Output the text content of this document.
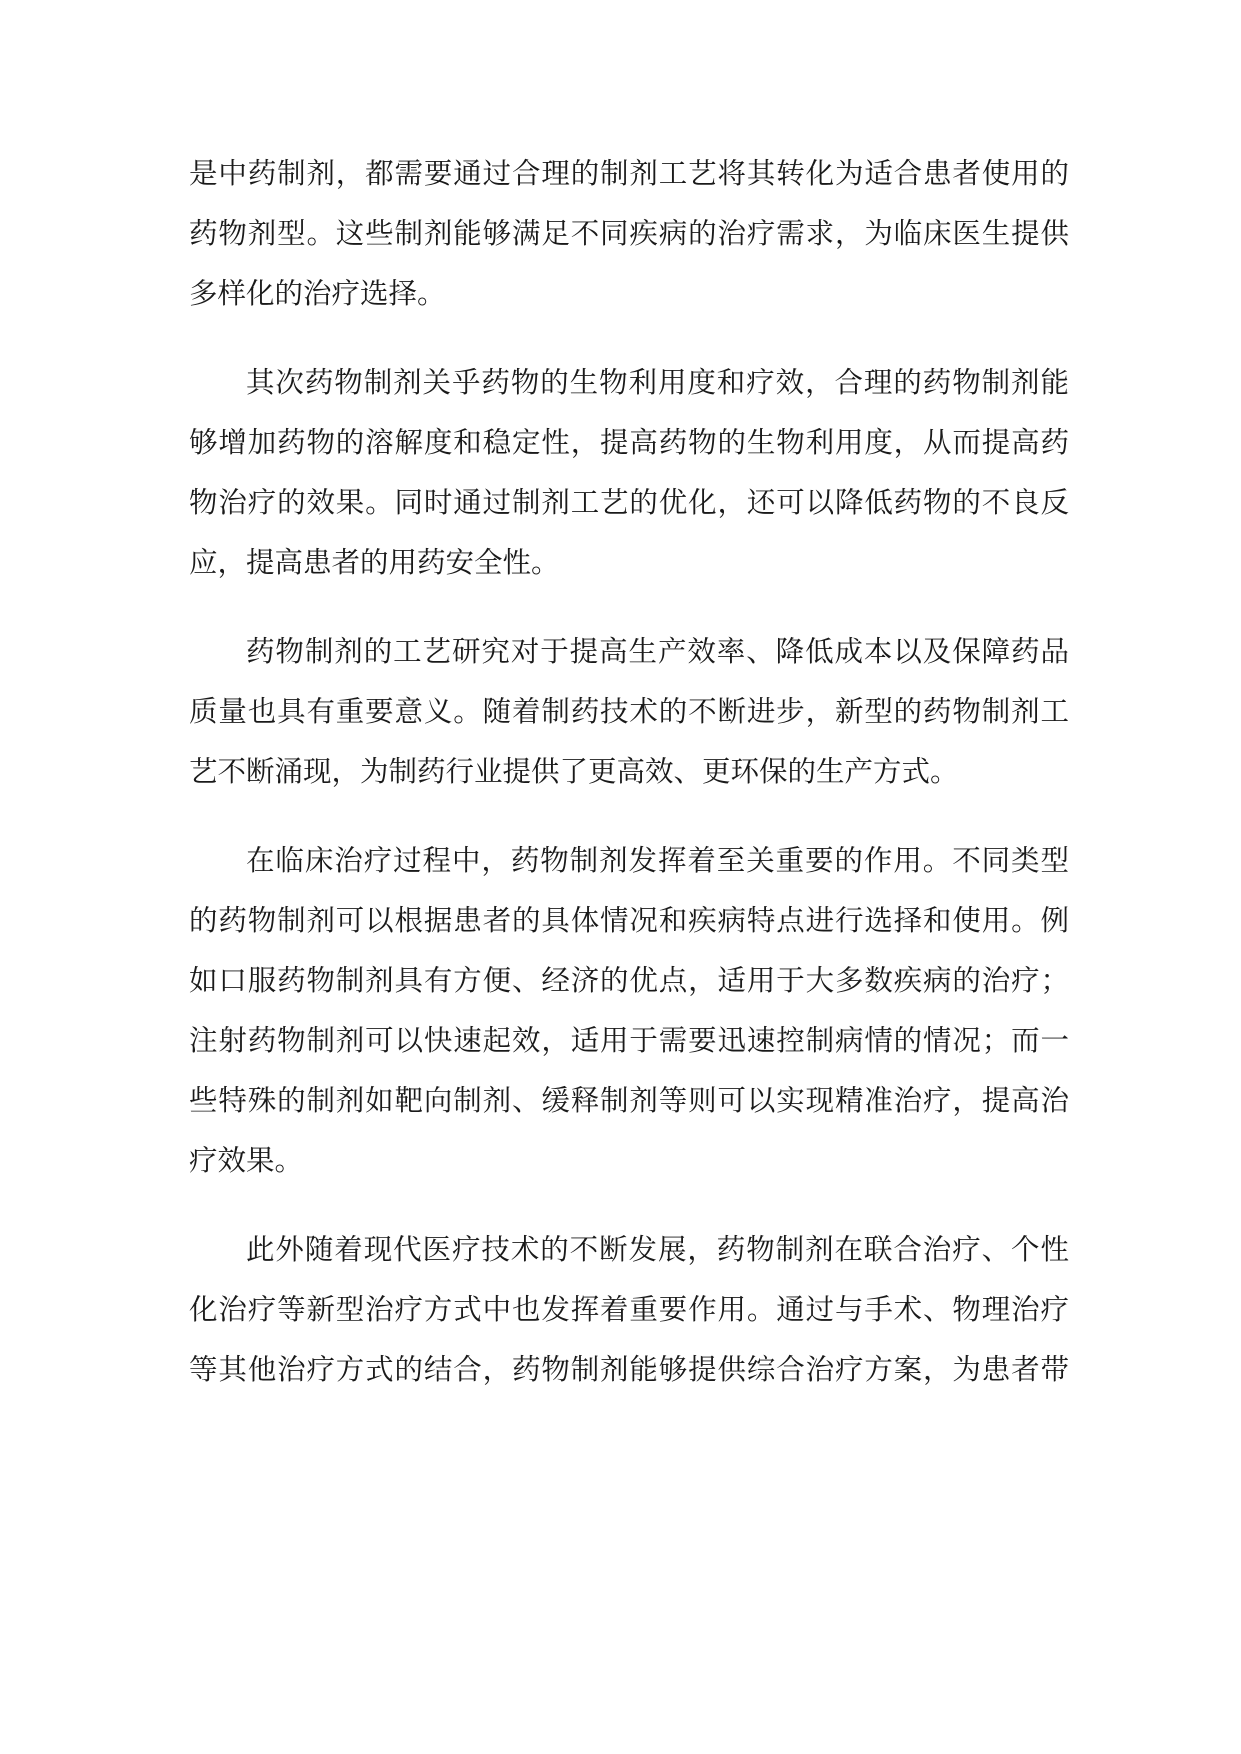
是中药制剂，都需要通过合理的制剂工艺将其转化为适合患者使用的
药物剂型。这些制剂能够满足不同疾病的治疗需求，为临床医生提供
多样化的治疗选择。
其次药物制剂关乎药物的生物利用度和疗效，合理的药物制剂能
够增加药物的溶解度和稳定性，提高药物的生物利用度，从而提高药
物治疗的效果。同时通过制剂工艺的优化，还可以降低药物的不良反
应，提高患者的用药安全性。
药物制剂的工艺研究对于提高生产效率、降低成本以及保障药品
质量也具有重要意义。随着制药技术的不断进步，新型的药物制剂工
艺不断涌现，为制药行业提供了更高效、更环保的生产方式。
在临床治疗过程中，药物制剂发挥着至关重要的作用。不同类型
的药物制剂可以根据患者的具体情况和疾病特点进行选择和使用。例
如口服药物制剂具有方便、经济的优点，适用于大多数疾病的治疗；
注射药物制剂可以快速起效，适用于需要迅速控制病情的情况；而一
些特殊的制剂如靶向制剂、缓释制剂等则可以实现精准治疗，提高治
疗效果。
此外随着现代医疗技术的不断发展，药物制剂在联合治疗、个性
化治疗等新型治疗方式中也发挥着重要作用。通过与手术、物理治疗
等其他治疗方式的结合，药物制剂能够提供综合治疗方案，为患者带
